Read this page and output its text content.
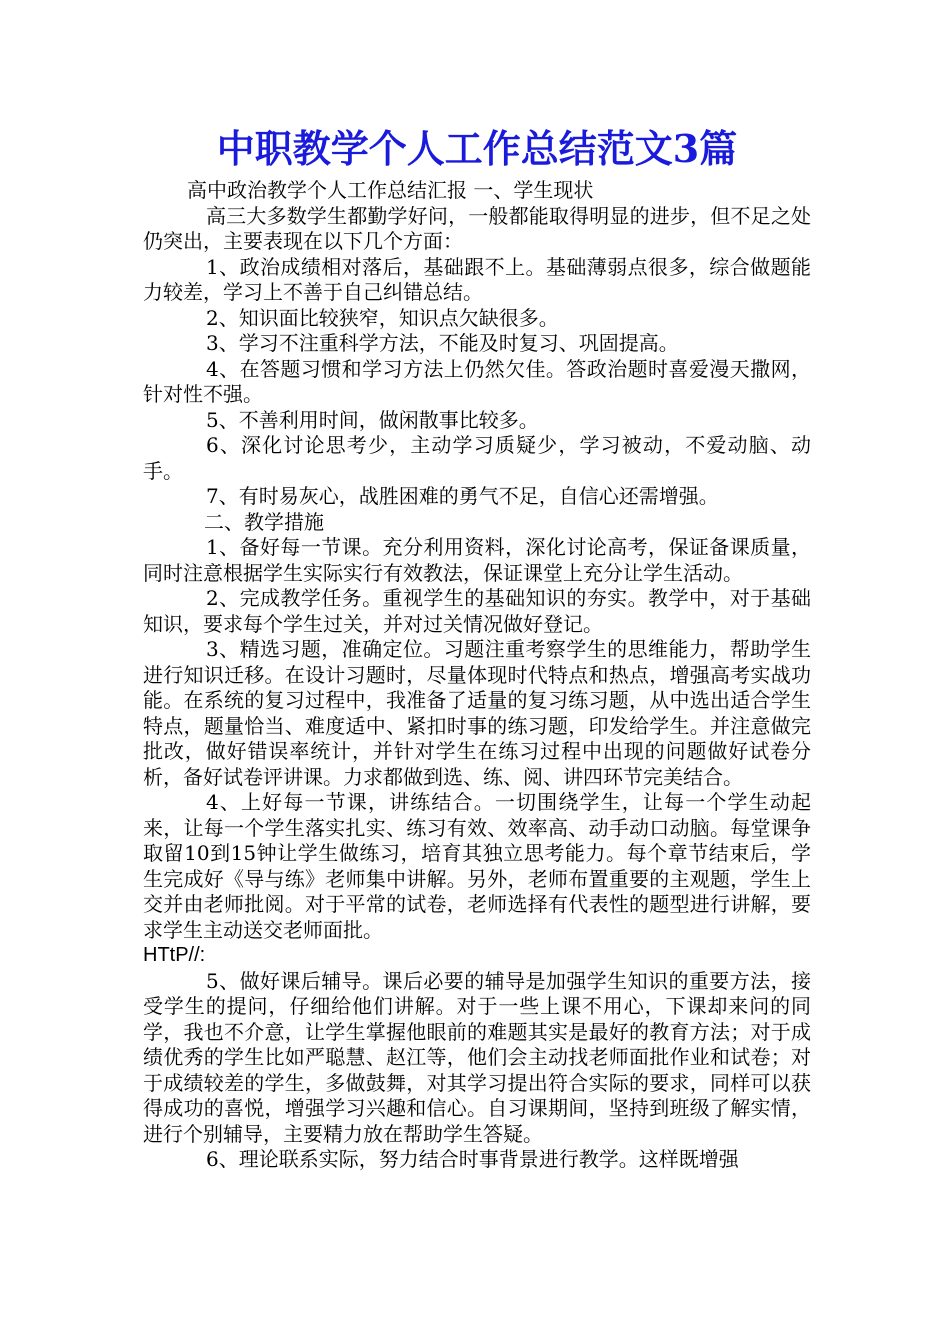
中职教学个人工作总结范文3篇

高中政治教学个人工作总结汇报 一、学生现状

高三大多数学生都勤学好问，一般都能取得明显的进步，但不足之处仍突出，主要表现在以下几个方面：

1、政治成绩相对落后，基础跟不上。基础薄弱点很多，综合做题能力较差，学习上不善于自己纠错总结。

2、知识面比较狭窄，知识点欠缺很多。

3、学习不注重科学方法，不能及时复习、巩固提高。

4、在答题习惯和学习方法上仍然欠佳。答政治题时喜爱漫天撒网，针对性不强。

5、不善利用时间，做闲散事比较多。

6、深化讨论思考少，主动学习质疑少，学习被动，不爱动脑、动手。

7、有时易灰心，战胜困难的勇气不足，自信心还需增强。

二、教学措施

1、备好每一节课。充分利用资料，深化讨论高考，保证备课质量，同时注意根据学生实际实行有效教法，保证课堂上充分让学生活动。

2、完成教学任务。重视学生的基础知识的夯实。教学中，对于基础知识，要求每个学生过关，并对过关情况做好登记。

3、精选习题，准确定位。习题注重考察学生的思维能力，帮助学生进行知识迁移。在设计习题时，尽量体现时代特点和热点，增强高考实战功能。在系统的复习过程中，我准备了适量的复习练习题，从中选出适合学生特点，题量恰当、难度适中、紧扣时事的练习题，印发给学生。并注意做完批改，做好错误率统计，并针对学生在练习过程中出现的问题做好试卷分析，备好试卷评讲课。力求都做到选、练、阅、讲四环节完美结合。

4、上好每一节课，讲练结合。一切围绕学生，让每一个学生动起来，让每一个学生落实扎实、练习有效、效率高、动手动口动脑。每堂课争取留10到15钟让学生做练习，培育其独立思考能力。每个章节结束后，学生完成好《导与练》老师集中讲解。另外，老师布置重要的主观题，学生上交并由老师批阅。对于平常的试卷，老师选择有代表性的题型进行讲解，要求学生主动送交老师面批。

HTtP//:

5、做好课后辅导。课后必要的辅导是加强学生知识的重要方法，接受学生的提问，仔细给他们讲解。对于一些上课不用心，下课却来问的同学，我也不介意，让学生掌握他眼前的难题其实是最好的教育方法；对于成绩优秀的学生比如严聪慧、赵江等，他们会主动找老师面批作业和试卷；对于成绩较差的学生，多做鼓舞，对其学习提出符合实际的要求，同样可以获得成功的喜悦，增强学习兴趣和信心。自习课期间，坚持到班级了解实情，进行个别辅导，主要精力放在帮助学生答疑。

6、理论联系实际，努力结合时事背景进行教学。这样既增强
